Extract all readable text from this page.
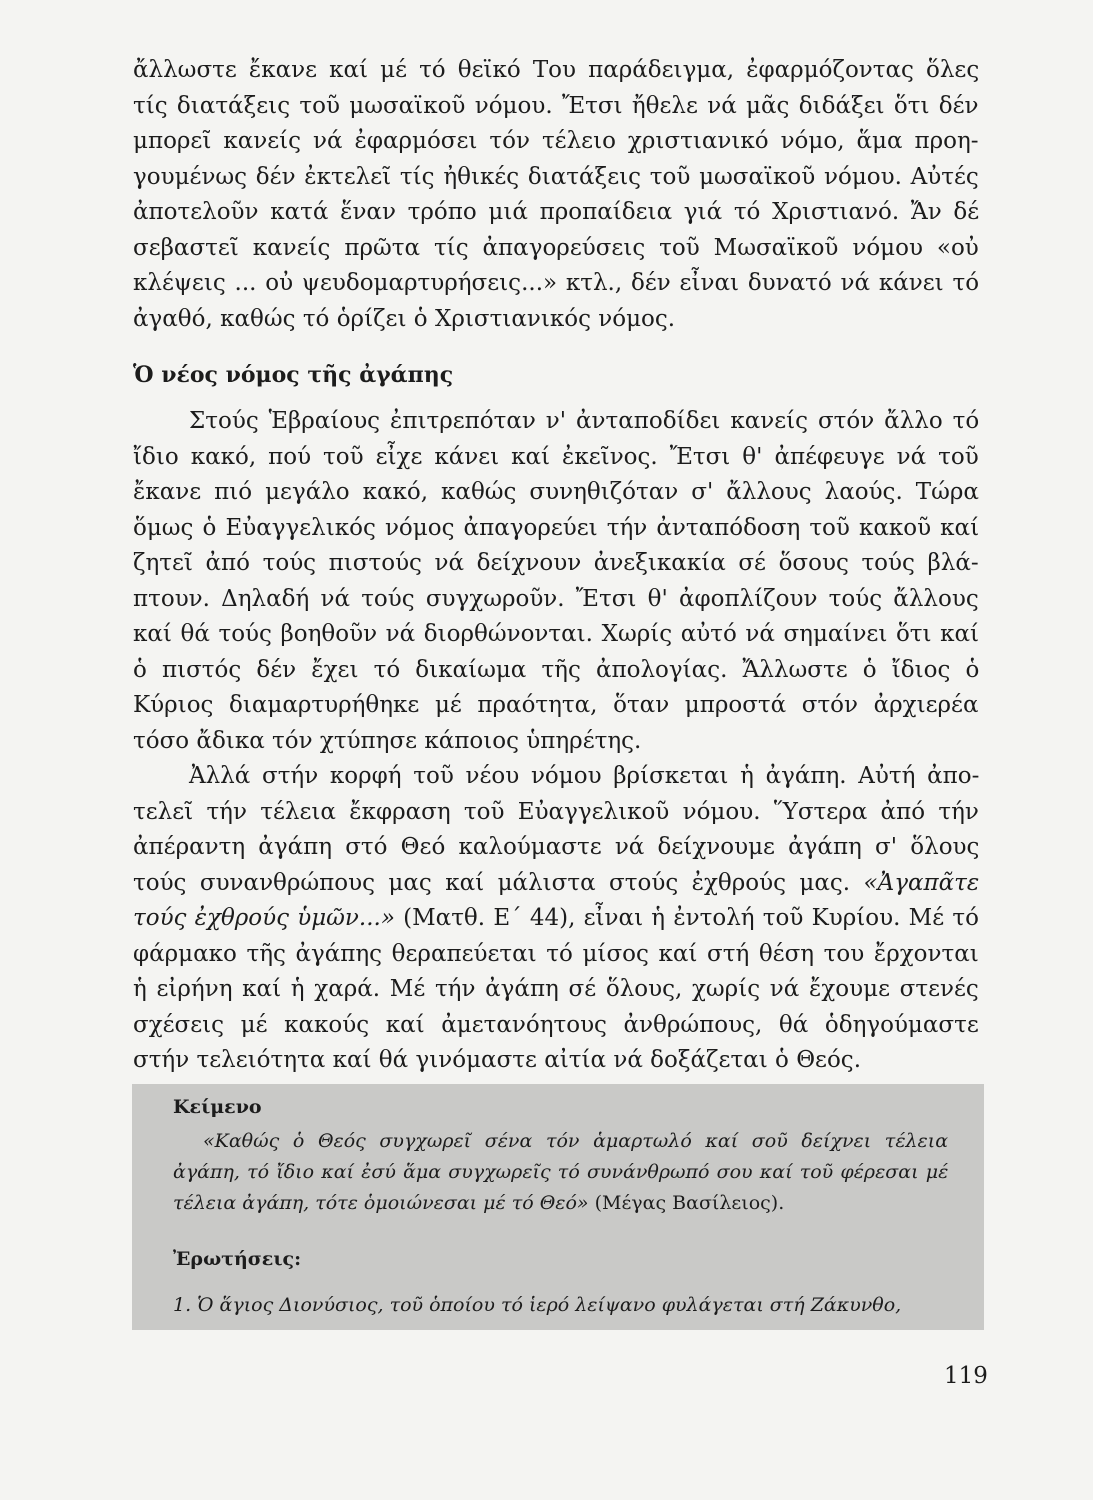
ἄλλωστε ἔκανε καί μέ τό θεϊκό Του παράδειγμα, ἐφαρμόζοντας ὅλες
τίς διατάξεις τοῦ μωσαϊκοῦ νόμου. Ἔτσι ἤθελε νά μᾶς διδάξει ὅτι δέν
μπορεῖ κανείς νά ἐφαρμόσει τόν τέλειο χριστιανικό νόμο, ἅμα προη-
γουμένως δέν ἐκτελεῖ τίς ἠθικές διατάξεις τοῦ μωσαϊκοῦ νόμου. Αὐτές
ἀποτελοῦν κατά ἕναν τρόπο μιά προπαίδεια γιά τό Χριστιανό. Ἄν δέ
σεβαστεῖ κανείς πρῶτα τίς ἀπαγορεύσεις τοῦ Μωσαϊκοῦ νόμου «οὐ
κλέψεις ... οὐ ψευδομαρτυρήσεις...» κτλ., δέν εἶναι δυνατό νά κάνει τό
ἀγαθό, καθώς τό ὁρίζει ὁ Χριστιανικός νόμος.

Ὁ νέος νόμος τῆς ἀγάπης

Στούς Ἑβραίους ἐπιτρεπόταν ν' ἀνταποδίδει κανείς στόν ἄλλο τό
ἴδιο κακό, πού τοῦ εἶχε κάνει καί ἐκεῖνος. Ἔτσι θ' ἀπέφευγε νά τοῦ
ἔκανε πιό μεγάλο κακό, καθώς συνηθιζόταν σ' ἄλλους λαούς. Τώρα
ὅμως ὁ Εὐαγγελικός νόμος ἀπαγορεύει τήν ἀνταπόδοση τοῦ κακοῦ καί
ζητεῖ ἀπό τούς πιστούς νά δείχνουν ἀνεξικακία σέ ὅσους τούς βλά-
πτουν. Δηλαδή νά τούς συγχωροῦν. Ἔτσι θ' ἀφοπλίζουν τούς ἄλλους
καί θά τούς βοηθοῦν νά διορθώνονται. Χωρίς αὐτό νά σημαίνει ὅτι καί
ὁ πιστός δέν ἔχει τό δικαίωμα τῆς ἀπολογίας. Ἄλλωστε ὁ ἴδιος ὁ
Κύριος διαμαρτυρήθηκε μέ πραότητα, ὅταν μπροστά στόν ἀρχιερέα
τόσο ἄδικα τόν χτύπησε κάποιος ὑπηρέτης.

Ἀλλά στήν κορφή τοῦ νέου νόμου βρίσκεται ἡ ἀγάπη. Αὐτή ἀπο-
τελεῖ τήν τέλεια ἔκφραση τοῦ Εὐαγγελικοῦ νόμου. Ὕστερα ἀπό τήν
ἀπέραντη ἀγάπη στό Θεό καλούμαστε νά δείχνουμε ἀγάπη σ' ὅλους
τούς συνανθρώπους μας καί μάλιστα στούς ἐχθρούς μας. «Ἀγαπᾶτε
τούς ἐχθρούς ὑμῶν...» (Ματθ. Ε΄ 44), εἶναι ἡ ἐντολή τοῦ Κυρίου. Μέ τό
φάρμακο τῆς ἀγάπης θεραπεύεται τό μίσος καί στή θέση του ἔρχονται
ἡ εἰρήνη καί ἡ χαρά. Μέ τήν ἀγάπη σέ ὅλους, χωρίς νά ἔχουμε στενές
σχέσεις μέ κακούς καί ἀμετανόητους ἀνθρώπους, θά ὁδηγούμαστε
στήν τελειότητα καί θά γινόμαστε αἰτία νά δοξάζεται ὁ Θεός.

Κείμενο

«Καθώς ὁ Θεός συγχωρεῖ σένα τόν ἁμαρτωλό καί σοῦ δείχνει τέλεια
ἀγάπη, τό ἴδιο καί ἐσύ ἅμα συγχωρεῖς τό συνάνθρωπό σου καί τοῦ φέρεσαι μέ
τέλεια ἀγάπη, τότε ὁμοιώνεσαι μέ τό Θεό» (Μέγας Βασίλειος).

Ἐρωτήσεις:

1. Ὁ ἅγιος Διονύσιος, τοῦ ὁποίου τό ἱερό λείψανο φυλάγεται στή Ζάκυνθο,

119
